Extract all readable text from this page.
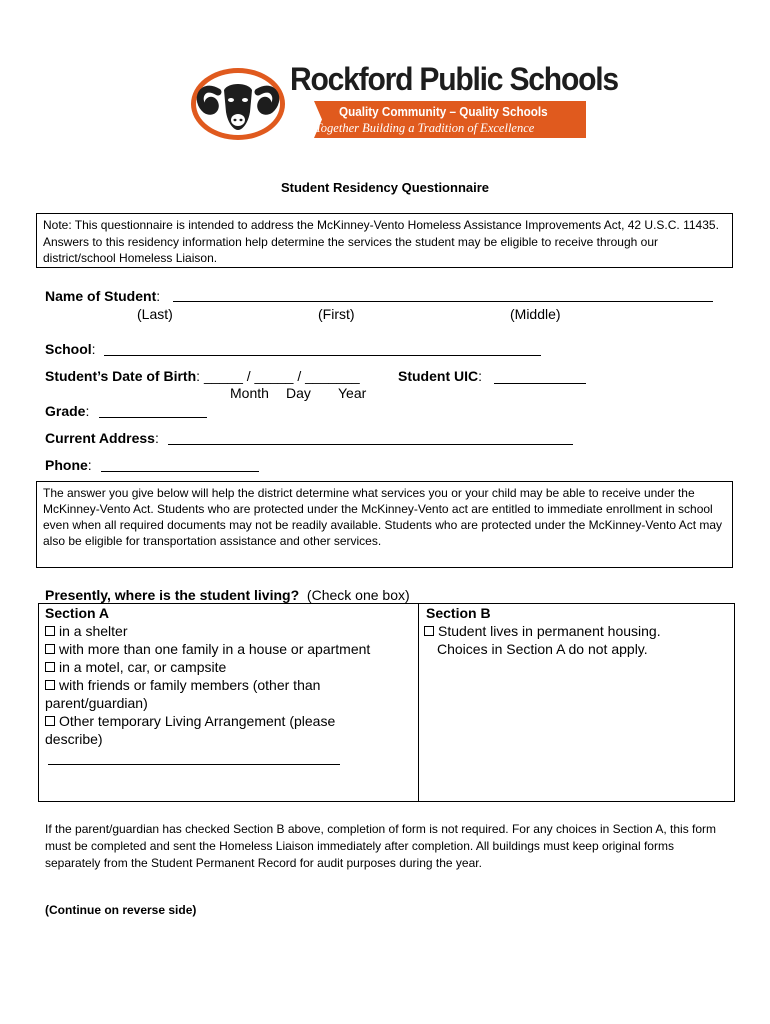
Rockford Public Schools
Quality Community – Quality Schools
Together Building a Tradition of Excellence
Student Residency Questionnaire
Note: This questionnaire is intended to address the McKinney-Vento Homeless Assistance Improvements Act, 42 U.S.C. 11435. Answers to this residency information help determine the services the student may be eligible to receive through our district/school Homeless Liaison.
Name of Student:
(Last)	(First)	(Middle)
School:
Student’s Date of Birth: _____ / _____ / _______
Month Day Year
Student UIC:
Grade:
Current Address:
Phone:
The answer you give below will help the district determine what services you or your child may be able to receive under the McKinney-Vento Act. Students who are protected under the McKinney-Vento act are entitled to immediate enrollment in school even when all required documents may not be readily available. Students who are protected under the McKinney-Vento Act may also be eligible for transportation assistance and other services.
Presently, where is the student living? (Check one box)
Section A
in a shelter
with more than one family in a house or apartment
in a motel, car, or campsite
with friends or family members (other than
parent/guardian)
Other temporary Living Arrangement (please
describe)
Section B
Student lives in permanent housing.
Choices in Section A do not apply.
If the parent/guardian has checked Section B above, completion of form is not required. For any choices in Section A, this form must be completed and sent the Homeless Liaison immediately after completion. All buildings must keep original forms separately from the Student Permanent Record for audit purposes during the year.
(Continue on reverse side)
